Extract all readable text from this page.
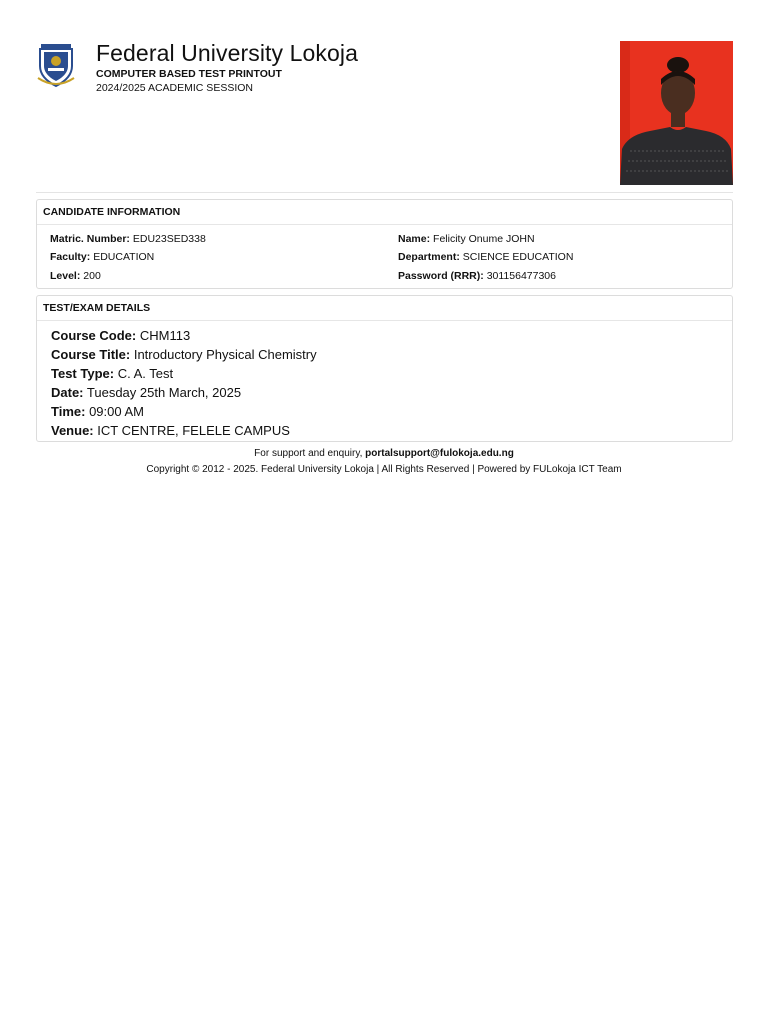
Federal University Lokoja
COMPUTER BASED TEST PRINTOUT
2024/2025 ACADEMIC SESSION
CANDIDATE INFORMATION
Matric. Number: EDU23SED338
Faculty: EDUCATION
Level: 200
Name: Felicity Onume JOHN
Department: SCIENCE EDUCATION
Password (RRR): 301156477306
TEST/EXAM DETAILS
Course Code: CHM113
Course Title: Introductory Physical Chemistry
Test Type: C. A. Test
Date: Tuesday 25th March, 2025
Time: 09:00 AM
Venue: ICT CENTRE, FELELE CAMPUS
For support and enquiry, portalsupport@fulokoja.edu.ng
Copyright © 2012 - 2025. Federal University Lokoja | All Rights Reserved | Powered by FULokoja ICT Team
